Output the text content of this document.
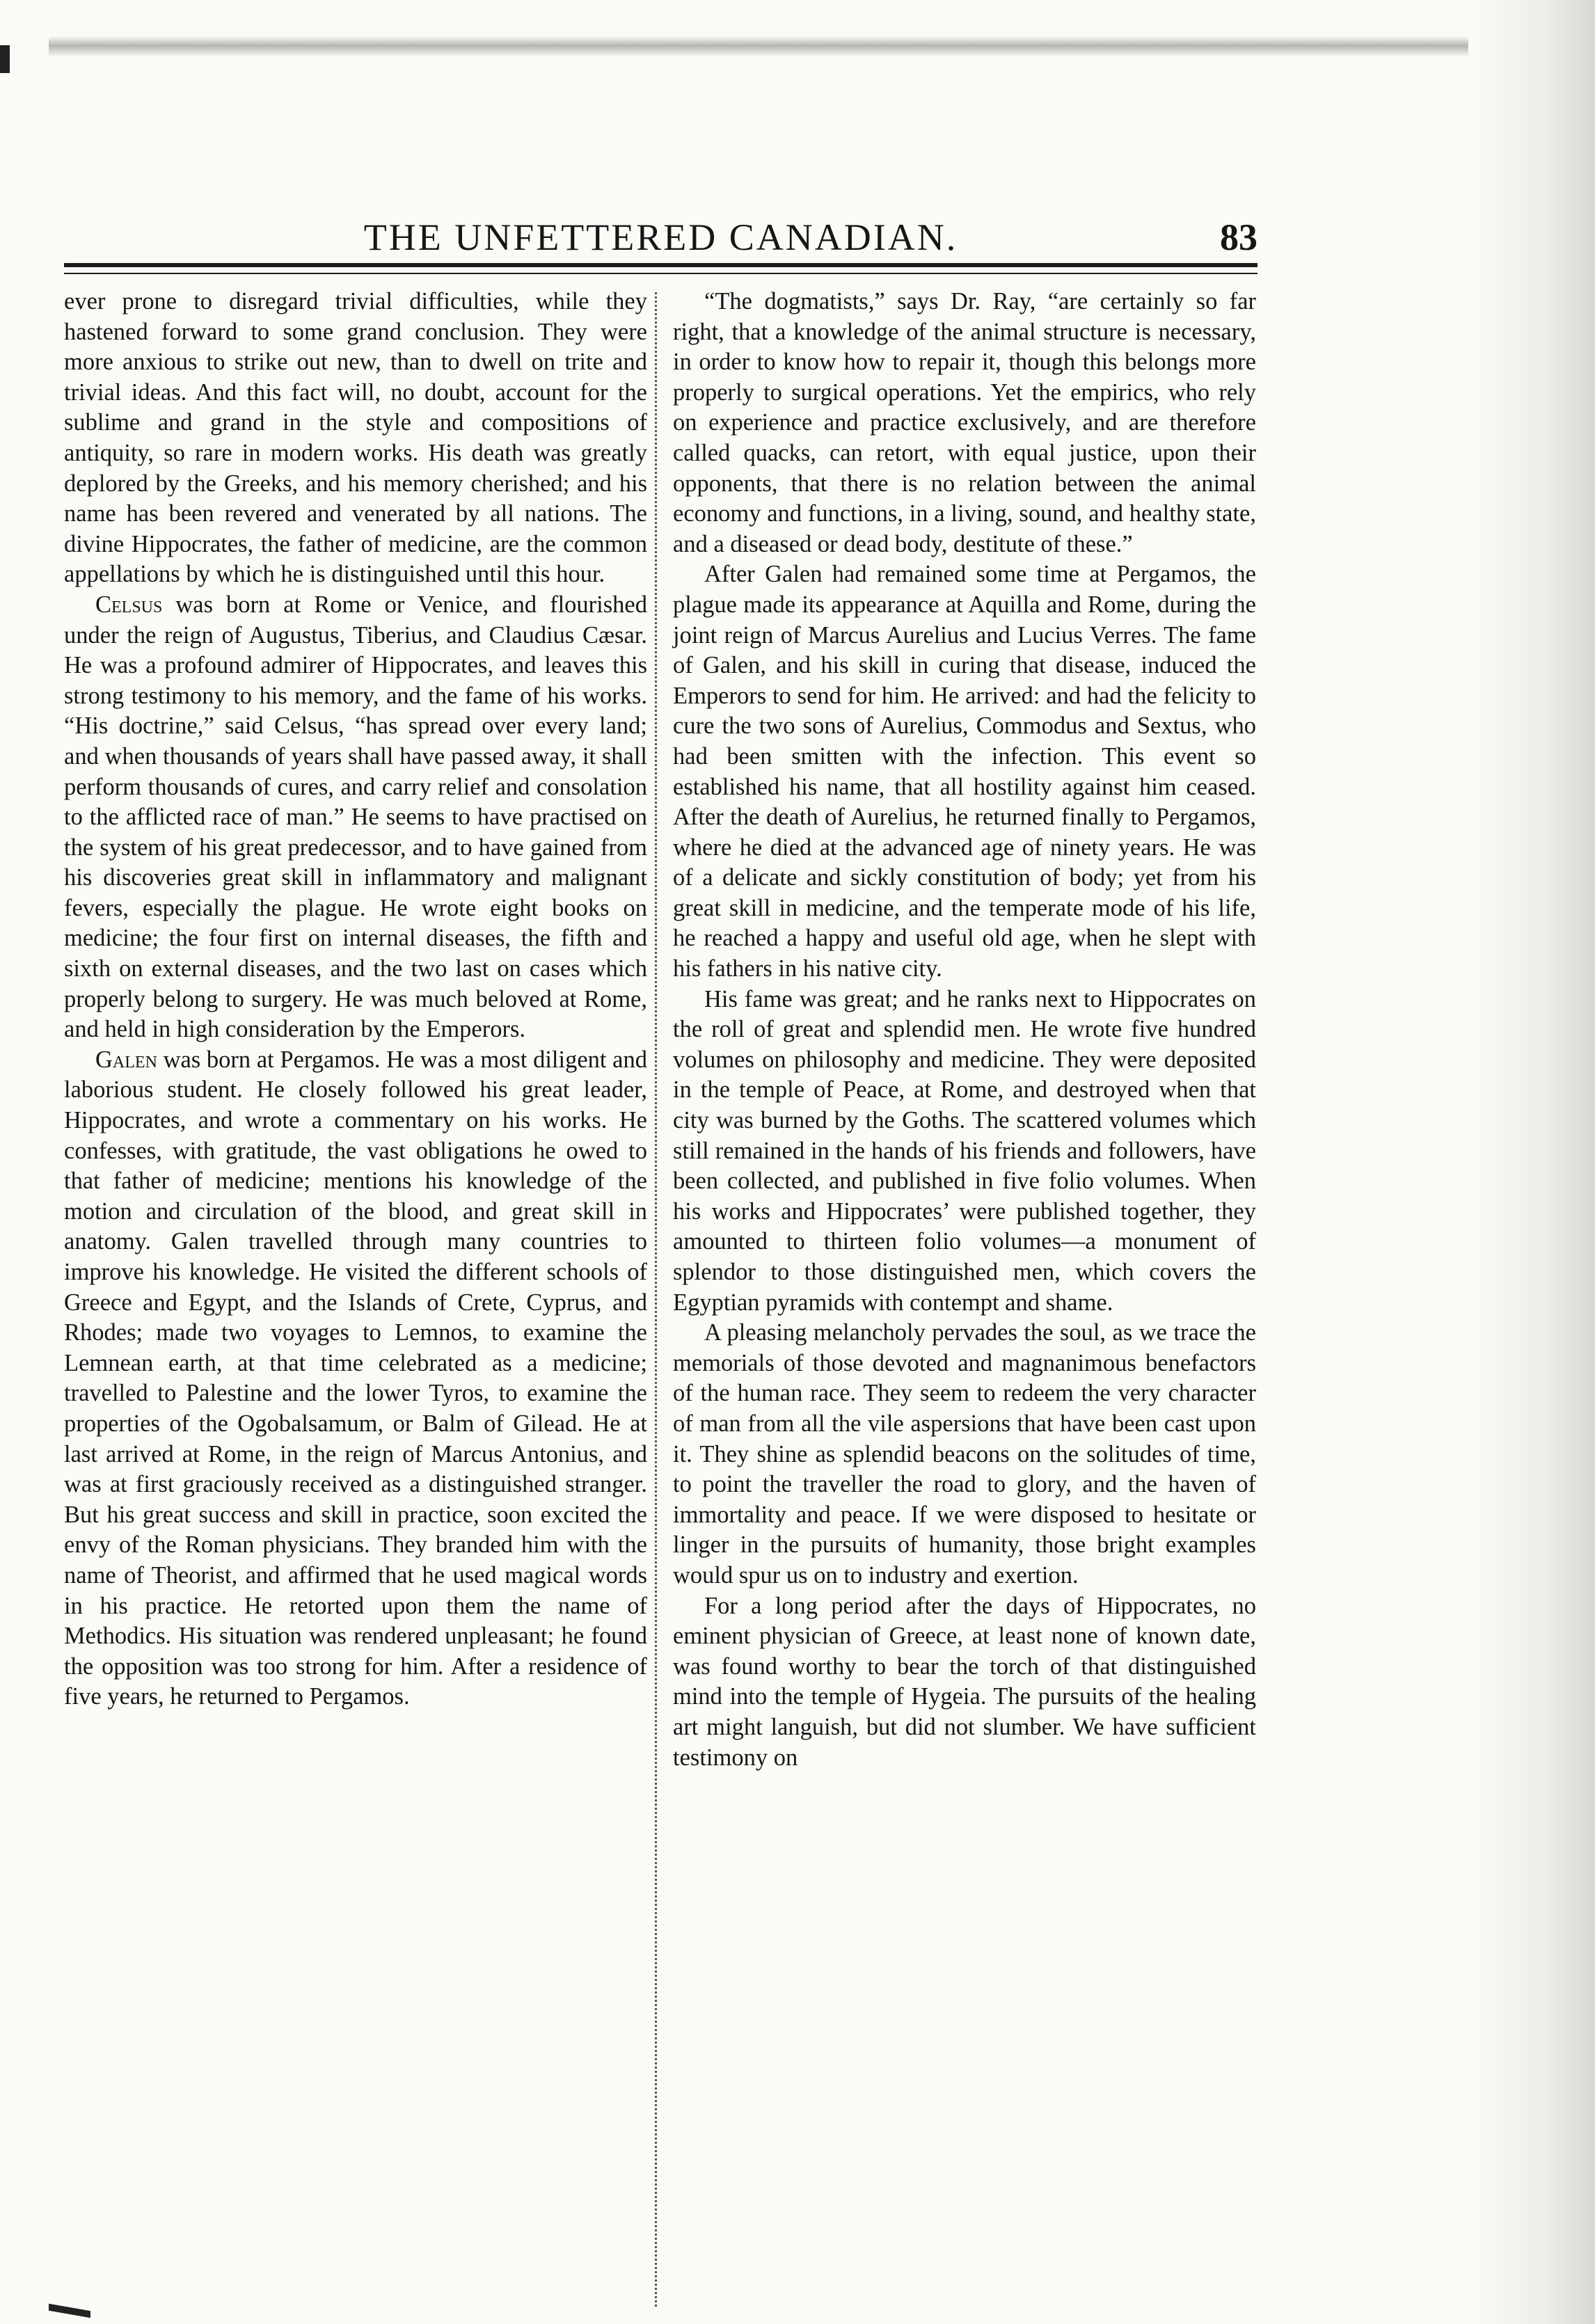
THE UNFETTERED CANADIAN.	83

ever prone to disregard trivial difficulties, while they hastened forward to some grand conclusion. They were more anxious to strike out new, than to dwell on trite and trivial ideas. And this fact will, no doubt, account for the sublime and grand in the style and compositions of antiquity, so rare in modern works. His death was greatly deplored by the Greeks, and his memory cherished; and his name has been revered and venerated by all nations. The divine Hippocrates, the father of medicine, are the common appellations by which he is distinguished until this hour.

Celsus was born at Rome or Venice, and flourished under the reign of Augustus, Tiberius, and Claudius Cæsar. He was a profound admirer of Hippocrates, and leaves this strong testimony to his memory, and the fame of his works. “His doctrine,” said Celsus, “has spread over every land; and when thousands of years shall have passed away, it shall perform thousands of cures, and carry relief and consolation to the afflicted race of man.” He seems to have practised on the system of his great predecessor, and to have gained from his discoveries great skill in inflammatory and malignant fevers, especially the plague. He wrote eight books on medicine; the four first on internal diseases, the fifth and sixth on external diseases, and the two last on cases which properly belong to surgery. He was much beloved at Rome, and held in high consideration by the Emperors.

Galen was born at Pergamos. He was a most diligent and laborious student. He closely followed his great leader, Hippocrates, and wrote a commentary on his works. He confesses, with gratitude, the vast obligations he owed to that father of medicine; mentions his knowledge of the motion and circulation of the blood, and great skill in anatomy. Galen travelled through many countries to improve his knowledge. He visited the different schools of Greece and Egypt, and the Islands of Crete, Cyprus, and Rhodes; made two voyages to Lemnos, to examine the Lemnean earth, at that time celebrated as a medicine; travelled to Palestine and the lower Tyros, to examine the properties of the Ogobalsamum, or Balm of Gilead. He at last arrived at Rome, in the reign of Marcus Antonius, and was at first graciously received as a distinguished stranger. But his great success and skill in practice, soon excited the envy of the Roman physicians. They branded him with the name of Theorist, and affirmed that he used magical words in his practice. He retorted upon them the name of Methodics. His situation was rendered unpleasant; he found the opposition was too strong for him. After a residence of five years, he returned to Pergamos.

“The dogmatists,” says Dr. Ray, “are certainly so far right, that a knowledge of the animal structure is necessary, in order to know how to repair it, though this belongs more properly to surgical operations. Yet the empirics, who rely on experience and practice exclusively, and are therefore called quacks, can retort, with equal justice, upon their opponents, that there is no relation between the animal economy and functions, in a living, sound, and healthy state, and a diseased or dead body, destitute of these.”

After Galen had remained some time at Pergamos, the plague made its appearance at Aquilla and Rome, during the joint reign of Marcus Aurelius and Lucius Verres. The fame of Galen, and his skill in curing that disease, induced the Emperors to send for him. He arrived: and had the felicity to cure the two sons of Aurelius, Commodus and Sextus, who had been smitten with the infection. This event so established his name, that all hostility against him ceased. After the death of Aurelius, he returned finally to Pergamos, where he died at the advanced age of ninety years. He was of a delicate and sickly constitution of body; yet from his great skill in medicine, and the temperate mode of his life, he reached a happy and useful old age, when he slept with his fathers in his native city.

His fame was great; and he ranks next to Hippocrates on the roll of great and splendid men. He wrote five hundred volumes on philosophy and medicine. They were deposited in the temple of Peace, at Rome, and destroyed when that city was burned by the Goths. The scattered volumes which still remained in the hands of his friends and followers, have been collected, and published in five folio volumes. When his works and Hippocrates’ were published together, they amounted to thirteen folio volumes—a monument of splendor to those distinguished men, which covers the Egyptian pyramids with contempt and shame.

A pleasing melancholy pervades the soul, as we trace the memorials of those devoted and magnanimous benefactors of the human race. They seem to redeem the very character of man from all the vile aspersions that have been cast upon it. They shine as splendid beacons on the solitudes of time, to point the traveller the road to glory, and the haven of immortality and peace. If we were disposed to hesitate or linger in the pursuits of humanity, those bright examples would spur us on to industry and exertion.

For a long period after the days of Hippocrates, no eminent physician of Greece, at least none of known date, was found worthy to bear the torch of that distinguished mind into the temple of Hygeia. The pursuits of the healing art might languish, but did not slumber. We have sufficient testimony on
